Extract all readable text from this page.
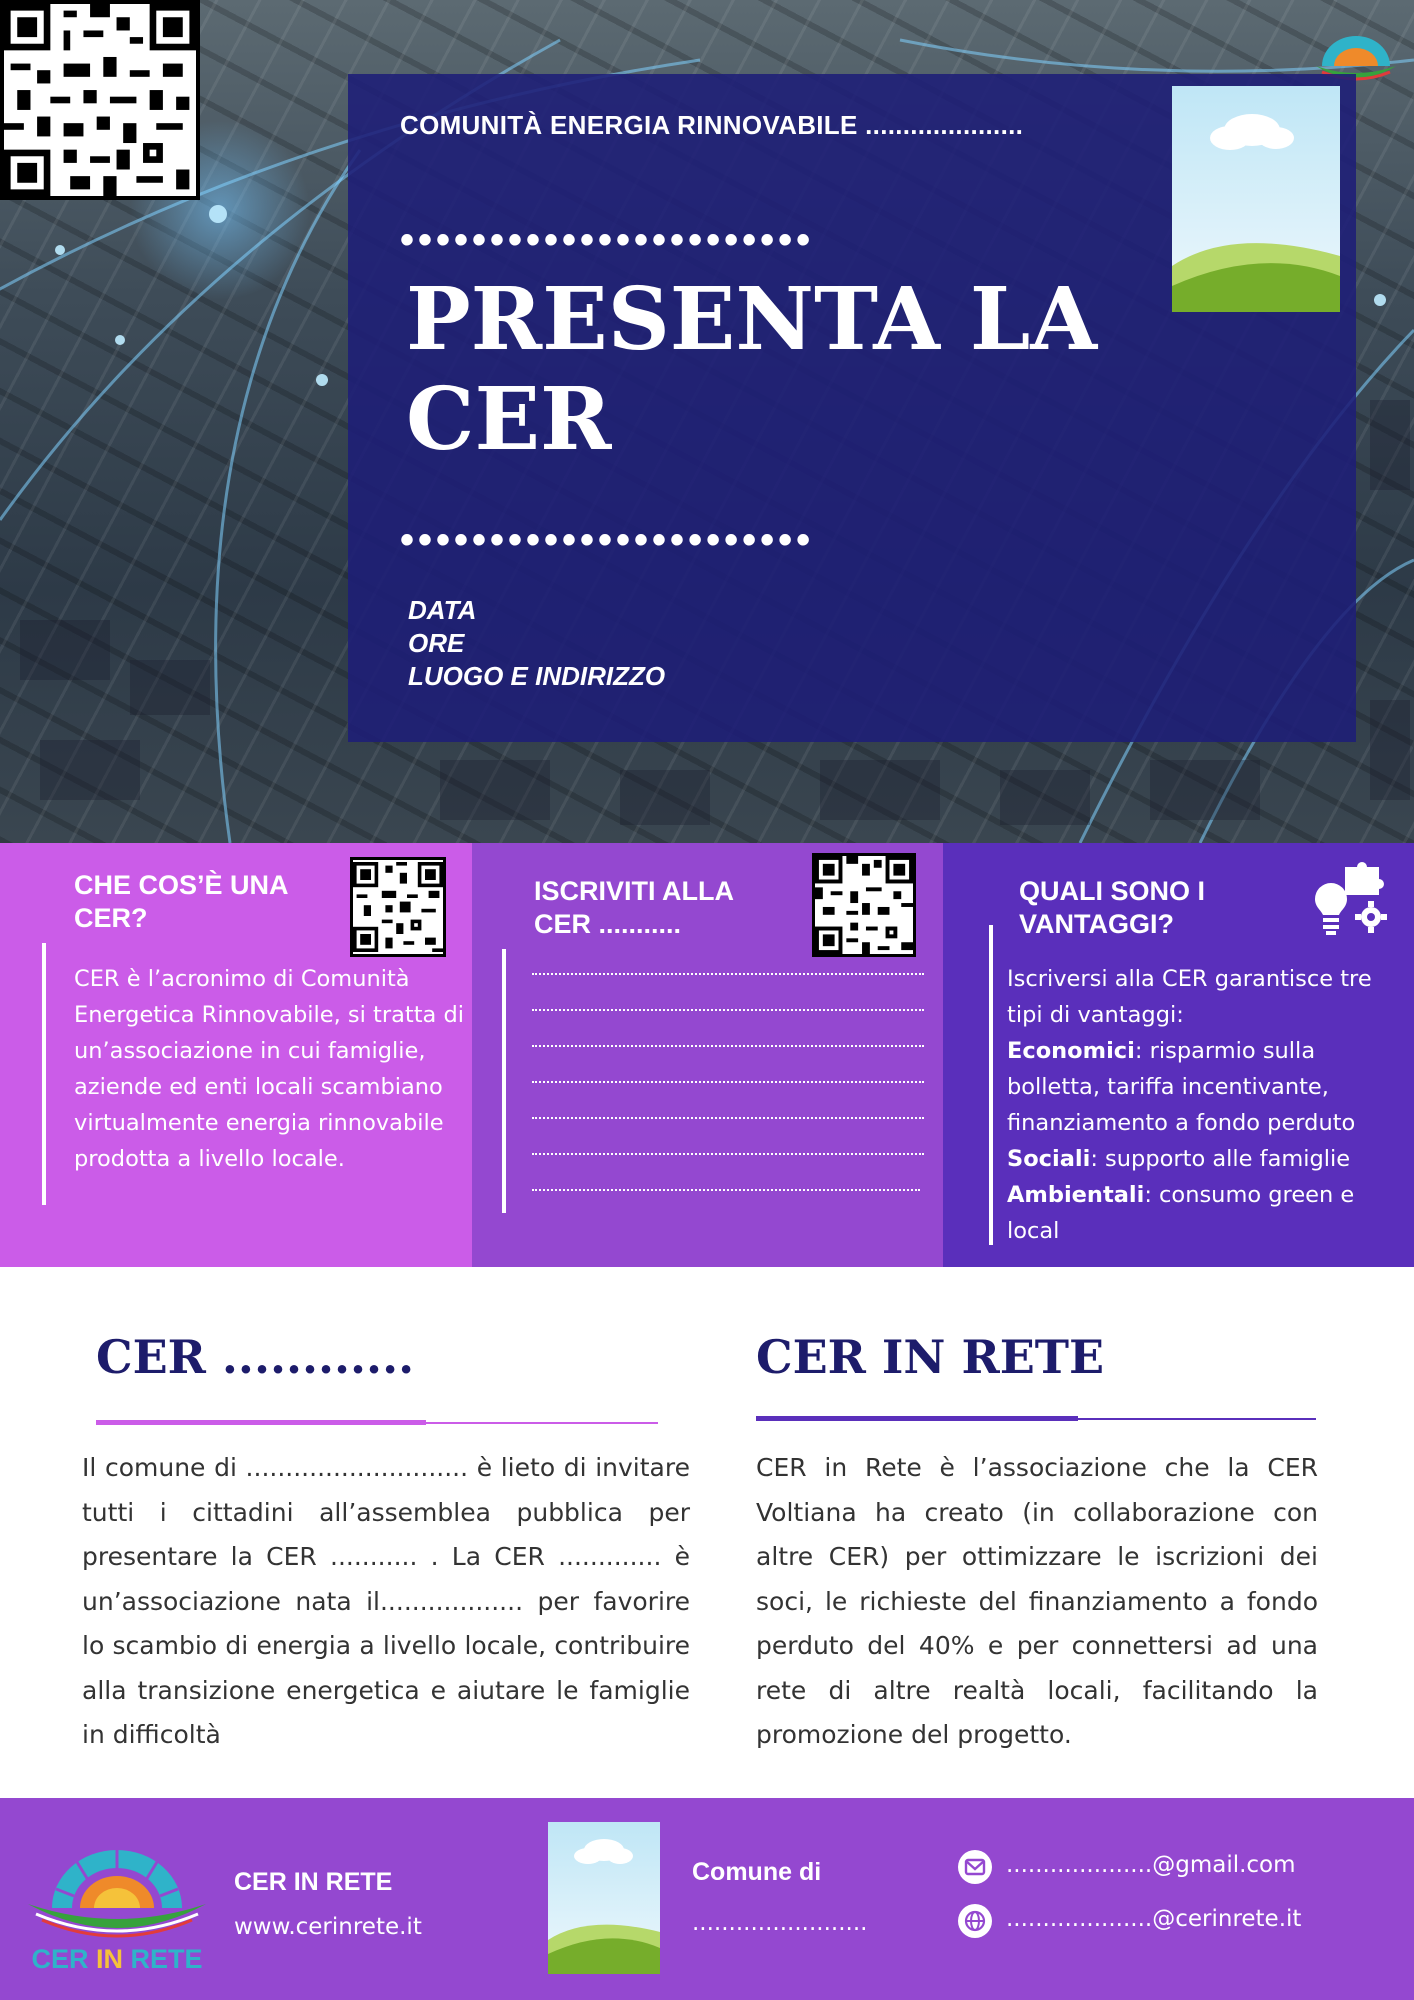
COMUNITÀ ENERGIA RINNOVABILE .....................
•••••••••••••••••••••••
PRESENTA LA CER
•••••••••••••••••••••••
DATA
ORE
LUOGO E INDIRIZZO
CHE COS’È UNA CER?
CER è l’acronimo di Comunità Energetica Rinnovabile, si tratta di un’associazione in cui famiglie, aziende ed enti locali scambiano virtualmente energia rinnovabile prodotta a livello locale.
ISCRIVITI ALLA CER ...........
QUALI SONO I VANTAGGI?
Iscriversi alla CER garantisce tre tipi di vantaggi:
Economici: risparmio sulla bolletta, tariffa incentivante, finanziamento a fondo perduto
Sociali: supporto alle famiglie
Ambientali: consumo green e local
CER ............
Il comune di ............................ è lieto di invitare tutti i cittadini all’assemblea pubblica per presentare la CER ........... . La CER ............. è un’associazione nata il.................. per favorire lo scambio di energia a livello locale, contribuire alla transizione energetica e aiutare le famiglie in difficoltà
CER IN RETE
CER in Rete è l’associazione che la CER Voltiana ha creato (in collaborazione con altre CER) per ottimizzare le iscrizioni dei soci, le richieste del finanziamento a fondo perduto del 40% e per connettersi ad una rete di altre realtà locali, facilitando la promozione del progetto.
CER IN RETE
CER IN RETE
www.cerinrete.it
Comune di
........................
....................@gmail.com
....................@cerinrete.it
